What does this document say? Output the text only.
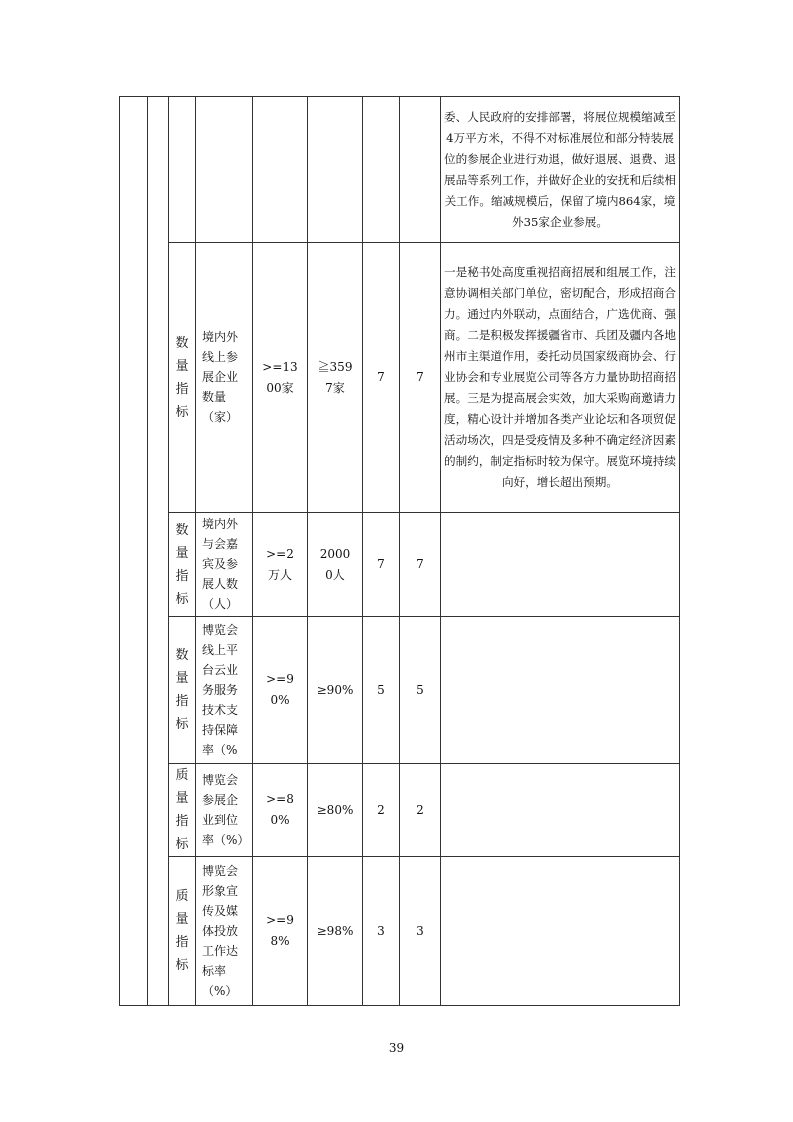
								委、人民政府的安排部署，将展位规模缩减至4万平方米，不得不对标准展位和部分特装展位的参展企业进行劝退，做好退展、退费、退展品等系列工作，并做好企业的安抚和后续相关工作。缩减规模后，保留了境内864家，境外35家企业参展。
		数量指标	境内外线上参展企业数量（家）	>=1300家	≧3597家	7	7	一是秘书处高度重视招商招展和组展工作，注意协调相关部门单位，密切配合，形成招商合力。通过内外联动，点面结合，广选优商、强商。二是积极发挥援疆省市、兵团及疆内各地州市主渠道作用，委托动员国家级商协会、行业协会和专业展览公司等各方力量协助招商招展。三是为提高展会实效，加大采购商邀请力度，精心设计并增加各类产业论坛和各项贸促活动场次，四是受疫情及多种不确定经济因素的制约，制定指标时较为保守。展览环境持续向好，增长超出预期。
		数量指标	境内外与会嘉宾及参展人数（人）	>=2万人	20000人	7	7	
		数量指标	博览会线上平台云业务服务技术支持保障率（%	>=90%	≥90%	5	5	
		质量指标	博览会参展企业到位率（%）	>=80%	≥80%	2	2	
		质量指标	博览会形象宣传及媒体投放工作达标率（%）	>=98%	≥98%	3	3	
39
